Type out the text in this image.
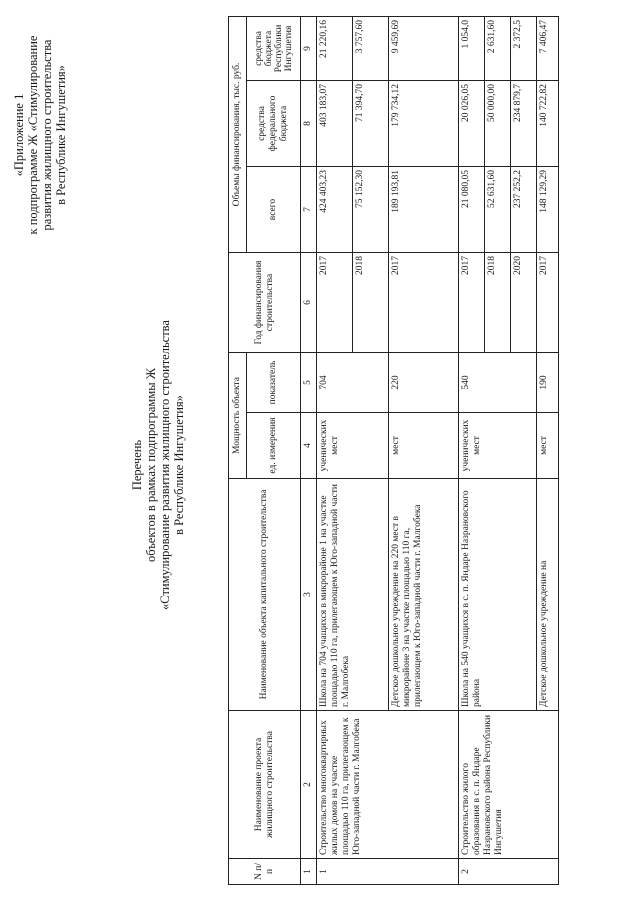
«Приложение 1 к подпрограмме Ж «Стимулирование развития жилищного строительства в Республике Ингушетия»
Перечень объектов в рамках подпрограммы Ж «Стимулирование развития жилищного строительства в Республике Ингушетия»
N п/п	Наименование проекта жилищного строительства	Наименование объекта капитального строительства	Мощность объекта		Год финансирования строительства	Объемы финансирования, тыс. руб.		
			ед. измерения	показатель		всего	средства федерального бюджета	средства бюджета Республики Ингушетия
1	2	3	4	5	6	7	8	9
1	Строительство многоквартирных жилых домов на участке площадью 110 га, прилегающем к Юго-западной части г. Малгобека	Школа на 704 учащихся в микрорайоне 1 на участке площадью 110 га, прилегающем к Юго-западной части г. Малгобека	ученических мест	704	2017	424 403,23	403 183,07	21 220,16
					2018	75 152,30	71 394,70	3 757,60
		Детское дошкольное учреждение на 220 мест в микрорайоне 3 на участке площадью 110 га, прилегающем к Юго-западной части г. Малгобека	мест	220	2017	189 193,81	179 734,12	9 459,69
2	Строительство жилого образования в с. п. Яндаре Назрановского района Республики Ингушетия	Школа на 540 учащихся в с. п. Яндаре Назрановского района	ученических мест	540	2017	21 080,05	20 026,05	1 054,0
					2018	52 631,60	50 000,00	2 631,60
					2020	237 252,2	234 879,7	2 372,5
		Детское дошкольное учреждение на	мест	190	2017	148 129,29	140 722,82	7 406,47
